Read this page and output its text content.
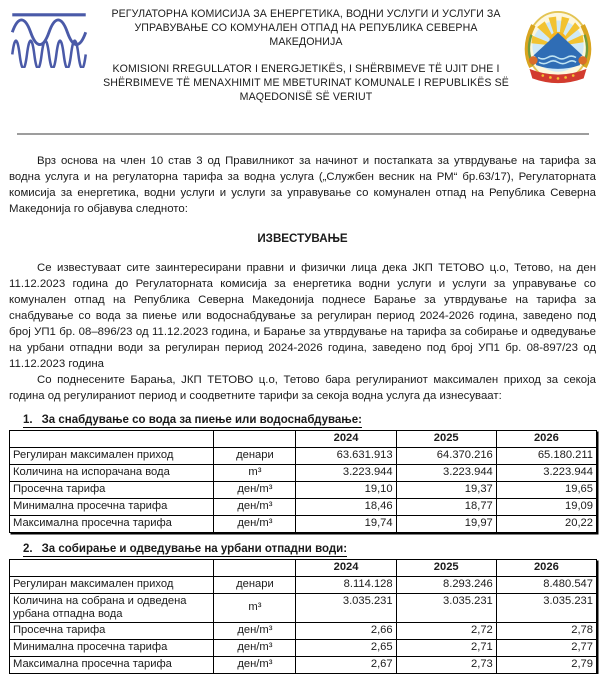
РЕГУЛАТОРНА КОМИСИЈА ЗА ЕНЕРГЕТИКА, ВОДНИ УСЛУГИ И УСЛУГИ ЗА УПРАВУВАЊЕ СО КОМУНАЛЕН ОТПАД НА РЕПУБЛИКА СЕВЕРНА МАКЕДОНИЈА
KOMISIONI RREGULLATOR I ENERGJETIKËS, I SHËRBIMEVE TË UJIT DHE I SHËRBIMEVE TË MENAXHIMIT ME MBETURINAT KOMUNALE I REPUBLIKËS SË MAQEDONISË SË VERIUT

Врз основа на член 10 став 3 од Правилникот за начинот и постапката за утврдување на тарифа за водна услуга и на регулаторна тарифа за водна услуга („Службен весник на РМ“ бр.63/17), Регулаторната комисија за енергетика, водни услуги и услуги за управување со комунален отпад на Република Северна Македонија го објавува следното:

ИЗВЕСТУВАЊЕ

Се известуваат сите заинтересирани правни и физички лица дека ЈКП ТЕТОВО ц.о, Тетово, на ден 11.12.2023 година до Регулаторната комисија за енергетика водни услуги и услуги за управување со комунален отпад на Република Северна Македонија поднесе Барање за утврдување на тарифа за снабдување со вода за пиење или водоснабдување за регулиран период 2024-2026 година, заведено под број УП1 бр. 08–896/23 од 11.12.2023 година, и Барање за утврдување на тарифа за собирање и одведување на урбани отпадни води за регулиран период 2024-2026 година, заведено под број УП1 бр. 08-897/23 од 11.12.2023 година

Со поднесените Барања, ЈКП ТЕТОВО ц.о, Тетово бара регулираниот максимален приход за секоја година од регулираниот период и соодветните тарифи за секоја водна услуга да изнесуваат:

1. За снабдување со вода за пиење или водоснабдување:
		2024	2025	2026
Регулиран максимален приход	денари	63.631.913	64.370.216	65.180.211
Количина на испорачана вода	m³	3.223.944	3.223.944	3.223.944
Просечна тарифа	ден/m³	19,10	19,37	19,65
Минимална просечна тарифа	ден/m³	18,46	18,77	19,09
Максимална просечна тарифа	ден/m³	19,74	19,97	20,22
2. За собирање и одведување на урбани отпадни води:
		2024	2025	2026
Регулиран максимален приход	денари	8.114.128	8.293.246	8.480.547
Количина на собрана и одведена урбана отпадна вода	m³	3.035.231	3.035.231	3.035.231
Просечна тарифа	ден/m³	2,66	2,72	2,78
Минимална просечна тарифа	ден/m³	2,65	2,71	2,77
Максимална просечна тарифа	ден/m³	2,67	2,73	2,79
